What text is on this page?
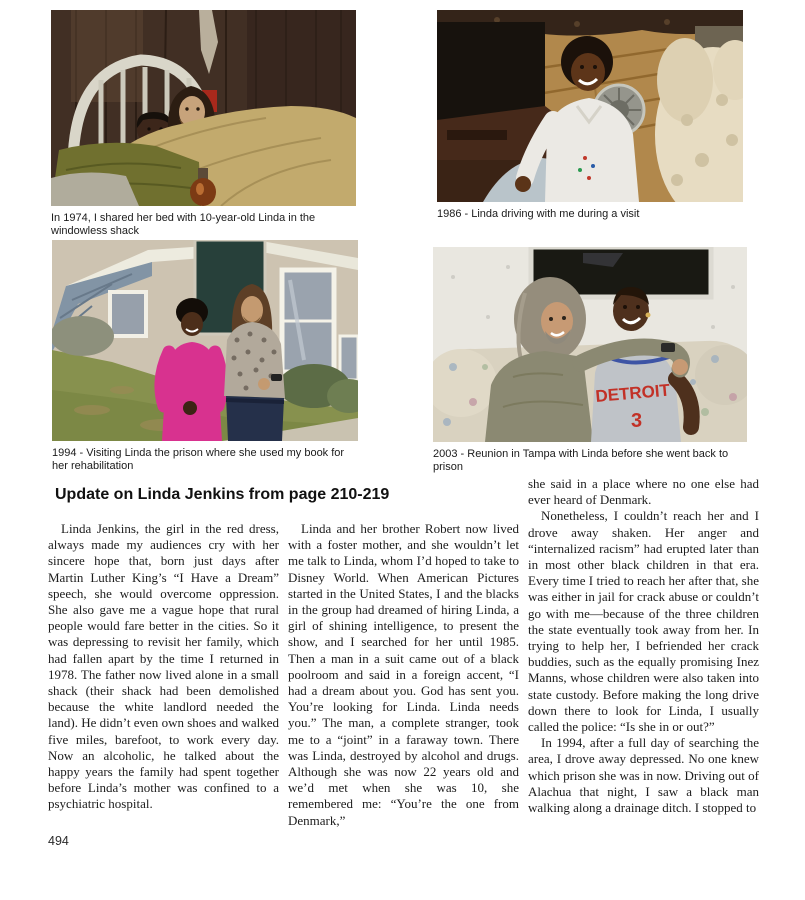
In 1974, I shared her bed with 10-year-old Linda in the windowless shack
1986 - Linda driving with me during a visit
1994 - Visiting Linda the prison where she used my book for her rehabilitation
DETROIT
3
2003 - Reunion in Tampa with Linda before she went back to prison
Update on Linda Jenkins from page 210-219

Linda Jenkins, the girl in the red dress, always made my audiences cry with her sincere hope that, born just days after Martin Luther King’s “I Have a Dream” speech, she would overcome oppression. She also gave me a vague hope that rural people would fare better in the cities. So it was depressing to revisit her family, which had fallen apart by the time I returned in 1978. The father now lived alone in a small shack (their shack had been demolished because the white landlord needed the land). He didn’t even own shoes and walked five miles, barefoot, to work every day. Now an alcoholic, he talked about the happy years the family had spent together before Linda’s mother was confined to a psychiatric hospital.

Linda and her brother Robert now lived with a foster mother, and she wouldn’t let me talk to Linda, whom I’d hoped to take to Disney World. When American Pictures started in the United States, I and the blacks in the group had dreamed of hiring Linda, a girl of shining intelligence, to present the show, and I searched for her until 1985. Then a man in a suit came out of a black poolroom and said in a foreign accent, “I had a dream about you. God has sent you. You’re looking for Linda. Linda needs you.” The man, a complete stranger, took me to a “joint” in a faraway town. There was Linda, destroyed by alcohol and drugs. Although she was now 22 years old and we’d met when she was 10, she remembered me: “You’re the one from Denmark,”

she said in a place where no one else had ever heard of Denmark.

Nonetheless, I couldn’t reach her and I drove away shaken. Her anger and “internalized racism” had erupted later than in most other black children in that era. Every time I tried to reach her after that, she was either in jail for crack abuse or couldn’t go with me—because of the three children the state eventually took away from her. In trying to help her, I befriended her crack buddies, such as the equally promising Inez Manns, whose children were also taken into state custody. Before making the long drive down there to look for Linda, I usually called the police: “Is she in or out?”

In 1994, after a full day of searching the area, I drove away depressed. No one knew which prison she was in now. Driving out of Alachua that night, I saw a black man walking along a drainage ditch. I stopped to

494
